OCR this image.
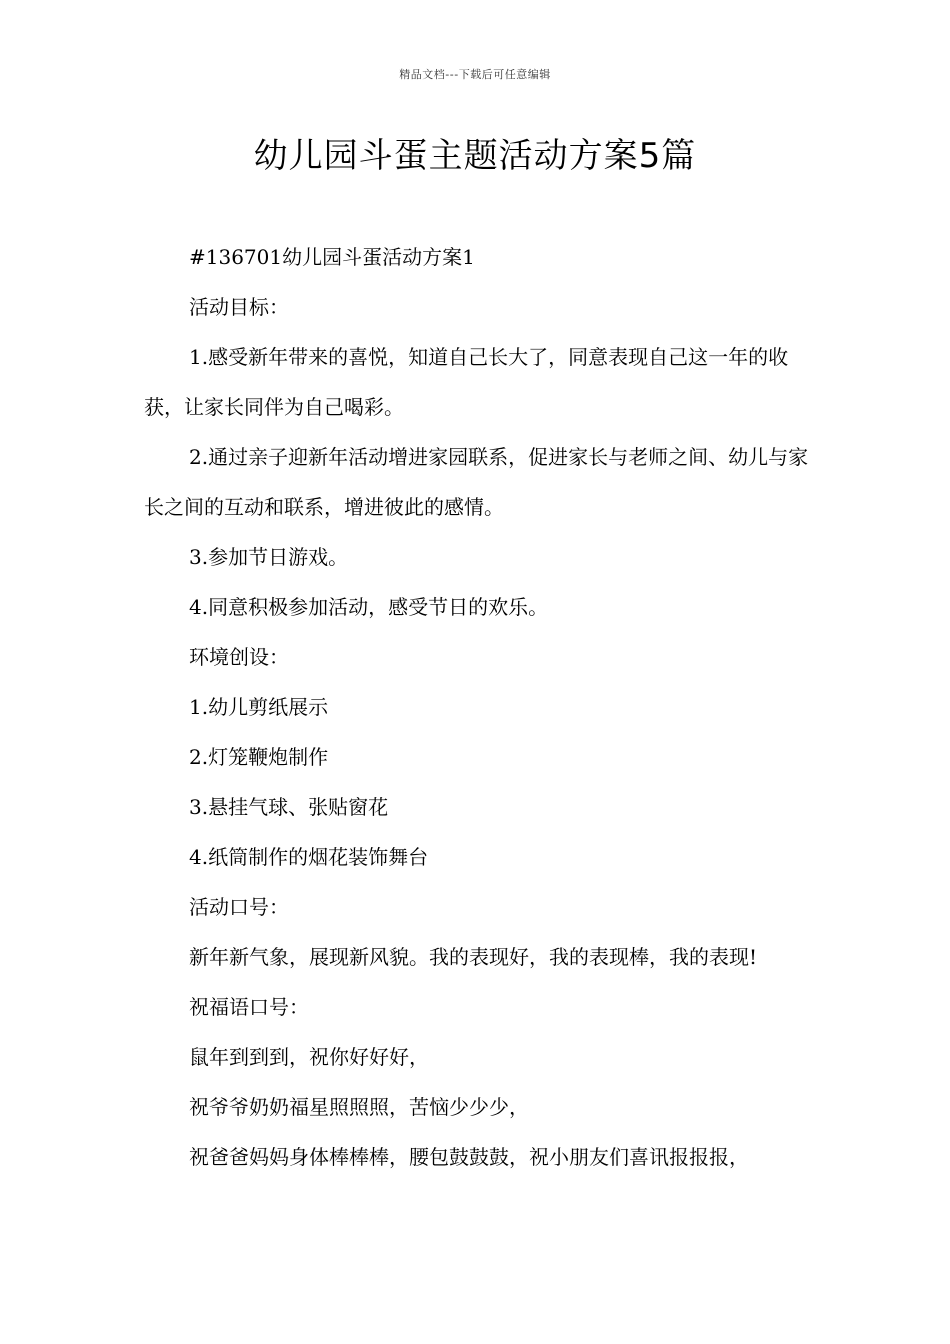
精品文档---下载后可任意编辑
幼儿园斗蛋主题活动方案5篇

#136701幼儿园斗蛋活动方案1

活动目标：

1.感受新年带来的喜悦，知道自己长大了，同意表现自己这一年的收获，让家长同伴为自己喝彩。

2.通过亲子迎新年活动增进家园联系，促进家长与老师之间、幼儿与家长之间的互动和联系，增进彼此的感情。

3.参加节日游戏。

4.同意积极参加活动，感受节日的欢乐。

环境创设：

1.幼儿剪纸展示

2.灯笼鞭炮制作

3.悬挂气球、张贴窗花

4.纸筒制作的烟花装饰舞台

活动口号：

新年新气象，展现新风貌。我的表现好，我的表现棒，我的表现!

祝福语口号：

鼠年到到到，祝你好好好，

祝爷爷奶奶福星照照照，苦恼少少少，

祝爸爸妈妈身体棒棒棒，腰包鼓鼓鼓，祝小朋友们喜讯报报报，
